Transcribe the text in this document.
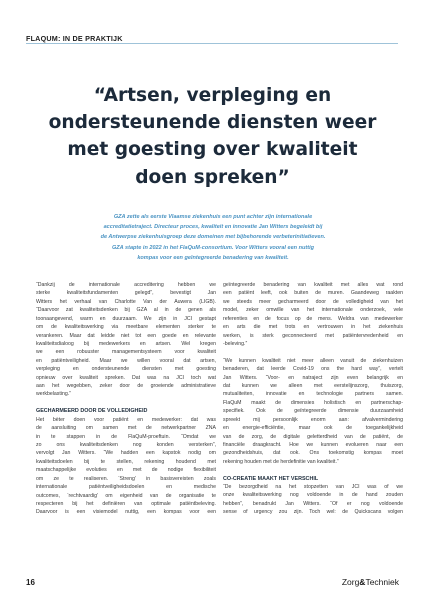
FLAQUM: IN DE PRAKTIJK
“Artsen, verpleging en
ondersteunende diensten weer
met goesting over kwaliteit
doen spreken”
GZA zette als eerste Vlaamse ziekenhuis een punt achter zijn internationale
accreditatietraject. Directeur proces, kwaliteit en innovatie Jan Witters begeleidt bij
de Antwerpse ziekenhuisgroep deze domeinen met bijbehorende verbeterinitiatieven.
GZA stapte in 2022 in het FlaQuM-consortium. Voor Witters vooral een nuttig
kompas voor een geïntegreerde benadering van kwaliteit.
“Dankzij de internationale accreditering hebben we
sterke kwaliteitsfundamenten gelegd”, bevestigt Jan
Witters het verhaal van Charlotte Van der Auwera (LIGB).
“Daarvoor zat kwaliteitsdenken bij GZA al in de genen als
toonaangevend, warm en duurzaam. We zijn in JCI gestapt
om de kwaliteitswerking via meetbare elementen sterker te
verankeren. Maar dat leidde niet tot een goede en relevante
kwaliteitsdialoog bij medewerkers en artsen. Wel kregen
we een robuuster managementsysteem voor kwaliteit
en patiëntveiligheid. Maar we willen vooral dat artsen,
verpleging en ondersteunende diensten met goesting
opnieuw over kwaliteit spreken. Dat was na JCI toch wat
aan het wegebben, zeker door de groeiende administratieve
werkbelasting.”
GECHARMEERD DOOR DE VOLLEDIGHEID
Het bèter doen voor patiënt en medewerker: dat was
de aansluiting om samen met de netwerkpartner ZNA
in te stappen in de FlaQuM-proeftuin. “Omdat we
zo ons kwaliteitsdenken nog konden versterken”,
vervolgt Jan Witters. “We hadden een kapstok nodig om
kwaliteitsdoelen bij te stellen, rekening houdend met
maatschappelijke evoluties en met de nodige flexibiliteit
om ze te realiseren. ‘Streng’ in basisvereisten zoals
internationale patiëntveiligheidsdoelen en medische
outcomes, ‘rechtvaardig’ om eigenheid van de organisatie te
respecteren bij het definiëren van optimale patiëntbeleving.
Daarvoor is een visiemodel nuttig, een kompas voor een
geïntegreerde benadering van kwaliteit met alles wat rond
een patiënt leeft, ook buiten de muren. Gaandeweg raakten
we steeds meer gecharmeerd door de volledigheid van het
model, zeker omwille van het internationale onderzoek, vele
referenties en de focus op de mens. Weldra van medewerker
en arts die met trots en vertrouwen in het ziekenhuis
werken, is sterk geconnecteerd met patiëntervredenheid en
-beleving.”
“We kunnen kwaliteit niet meer alleen vanuit de ziekenhuizen
benaderen, dat leerde Covid-19 ons the hard way”, vertelt
Jan Witters. “Voor- en natraject zijn even belangrijk en
dat kunnen we alleen met eerstelijnszorg, thuiszorg,
mutualiteiten, innovatie en technologie partners samen.
FlaQuM maakt de dimensies holistisch en partnerschap-
specifiek. Ook de geïntegreerde dimensie duurzaamheid
spreekt mij persoonlijk enorm aan: afvalvermindering
en energie-efficiëntie, maar ook de toegankelijkheid
van de zorg, de digitale geletterdheid van de patiënt, de
financiële draagkracht. Hoe we kunnen evolueren naar een
gezondheidshuis, dat ook. Ons toekomstig kompas moet
rekening houden met de herdefinitie van kwaliteit.”
CO-CREATIE MAAKT HET VERSCHIL
“De bezorgdheid na het stopzetten van JCI was of we
onze kwaliteitswerking nog voldoende in de hand zouden
hebben”, benadrukt Jan Witters. “Of er nog voldoende
sense of urgency zou zijn. Toch wel: de Quickscans volgen
16	Zorg&Techniek
